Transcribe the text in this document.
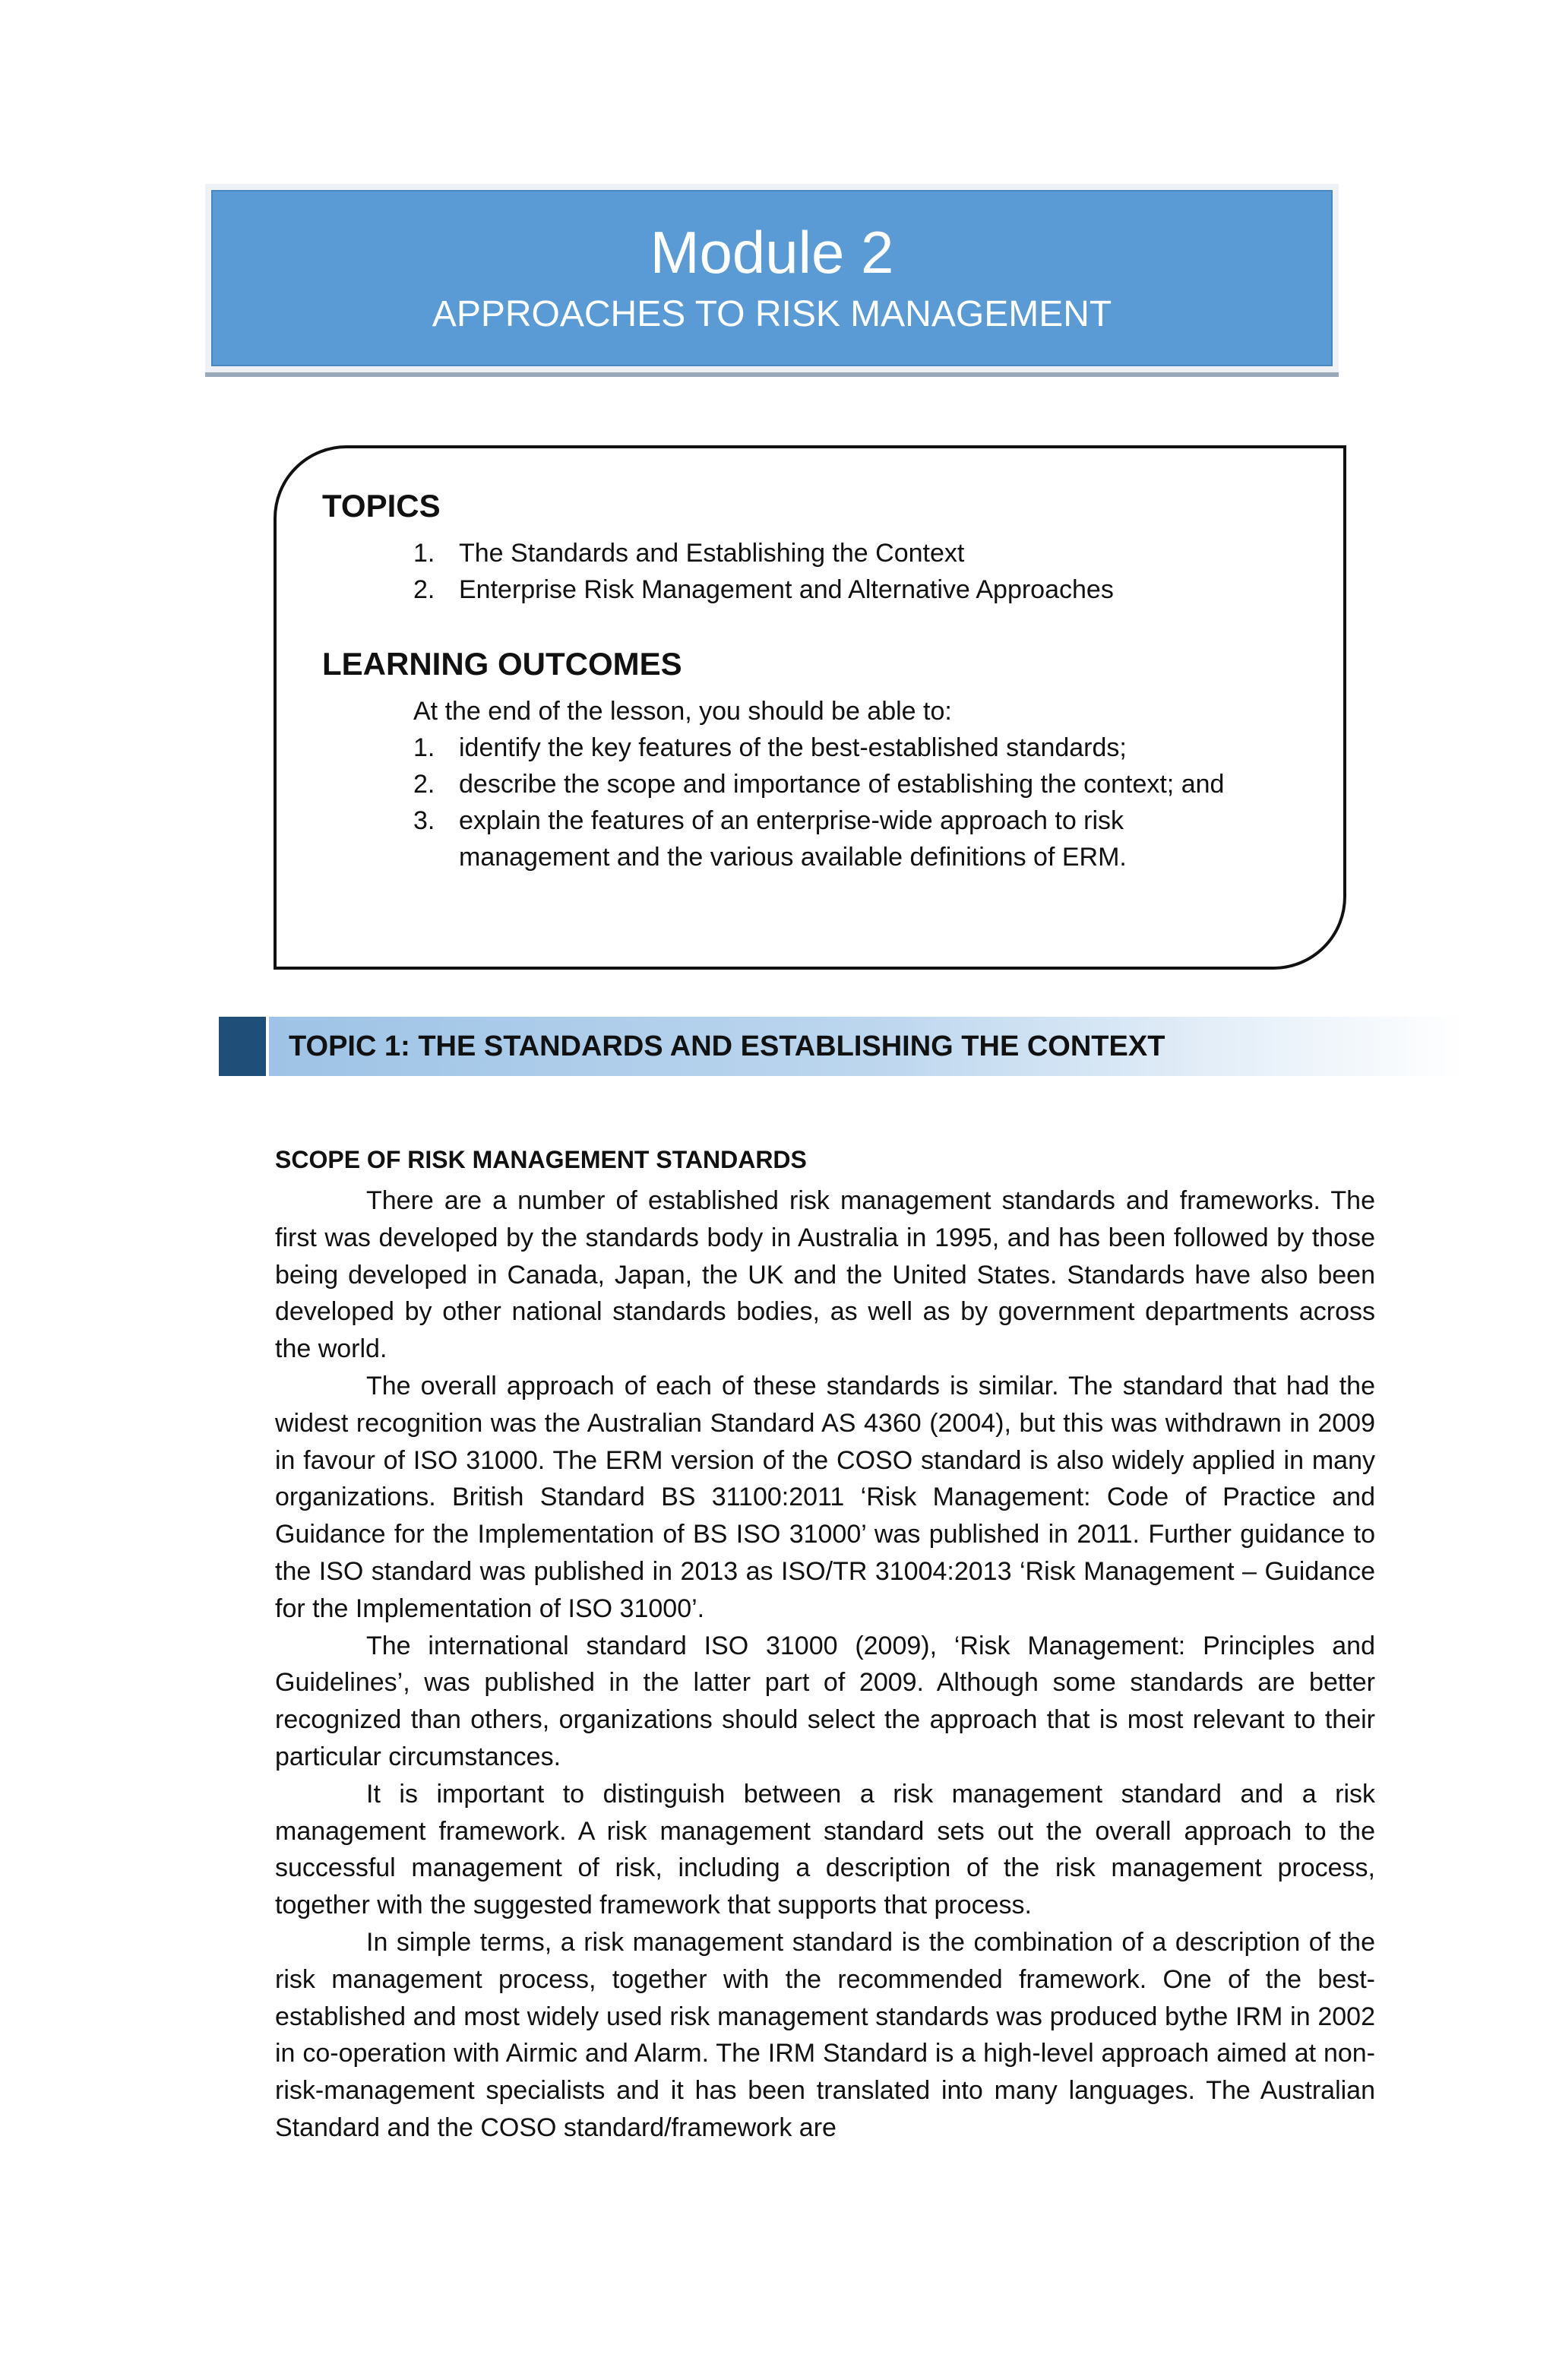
Module 2
APPROACHES TO RISK MANAGEMENT
TOPICS
1. The Standards and Establishing the Context
2. Enterprise Risk Management and Alternative Approaches
LEARNING OUTCOMES

At the end of the lesson, you should be able to:

1. identify the key features of the best-established standards;
2. describe the scope and importance of establishing the context; and
3. explain the features of an enterprise-wide approach to risk management and the various available definitions of ERM.
TOPIC 1: THE STANDARDS AND ESTABLISHING THE CONTEXT
SCOPE OF RISK MANAGEMENT STANDARDS

There are a number of established risk management standards and frameworks. The first was developed by the standards body in Australia in 1995, and has been followed by those being developed in Canada, Japan, the UK and the United States. Standards have also been developed by other national standards bodies, as well as by government departments across the world.

The overall approach of each of these standards is similar. The standard that had the widest recognition was the Australian Standard AS 4360 (2004), but this was withdrawn in 2009 in favour of ISO 31000. The ERM version of the COSO standard is also widely applied in many organizations. British Standard BS 31100:2011 ‘Risk Management: Code of Practice and Guidance for the Implementation of BS ISO 31000’ was published in 2011. Further guidance to the ISO standard was published in 2013 as ISO/TR 31004:2013 ‘Risk Management – Guidance for the Implementation of ISO 31000’.

The international standard ISO 31000 (2009), ‘Risk Management: Principles and Guidelines’, was published in the latter part of 2009. Although some standards are better recognized than others, organizations should select the approach that is most relevant to their particular circumstances.

It is important to distinguish between a risk management standard and a risk management framework. A risk management standard sets out the overall approach to the successful management of risk, including a description of the risk management process, together with the suggested framework that supports that process.

In simple terms, a risk management standard is the combination of a description of the risk management process, together with the recommended framework. One of the best-established and most widely used risk management standards was produced bythe IRM in 2002 in co-operation with Airmic and Alarm. The IRM Standard is a high-level approach aimed at non-risk-management specialists and it has been translated into many languages. The Australian Standard and the COSO standard/framework are
